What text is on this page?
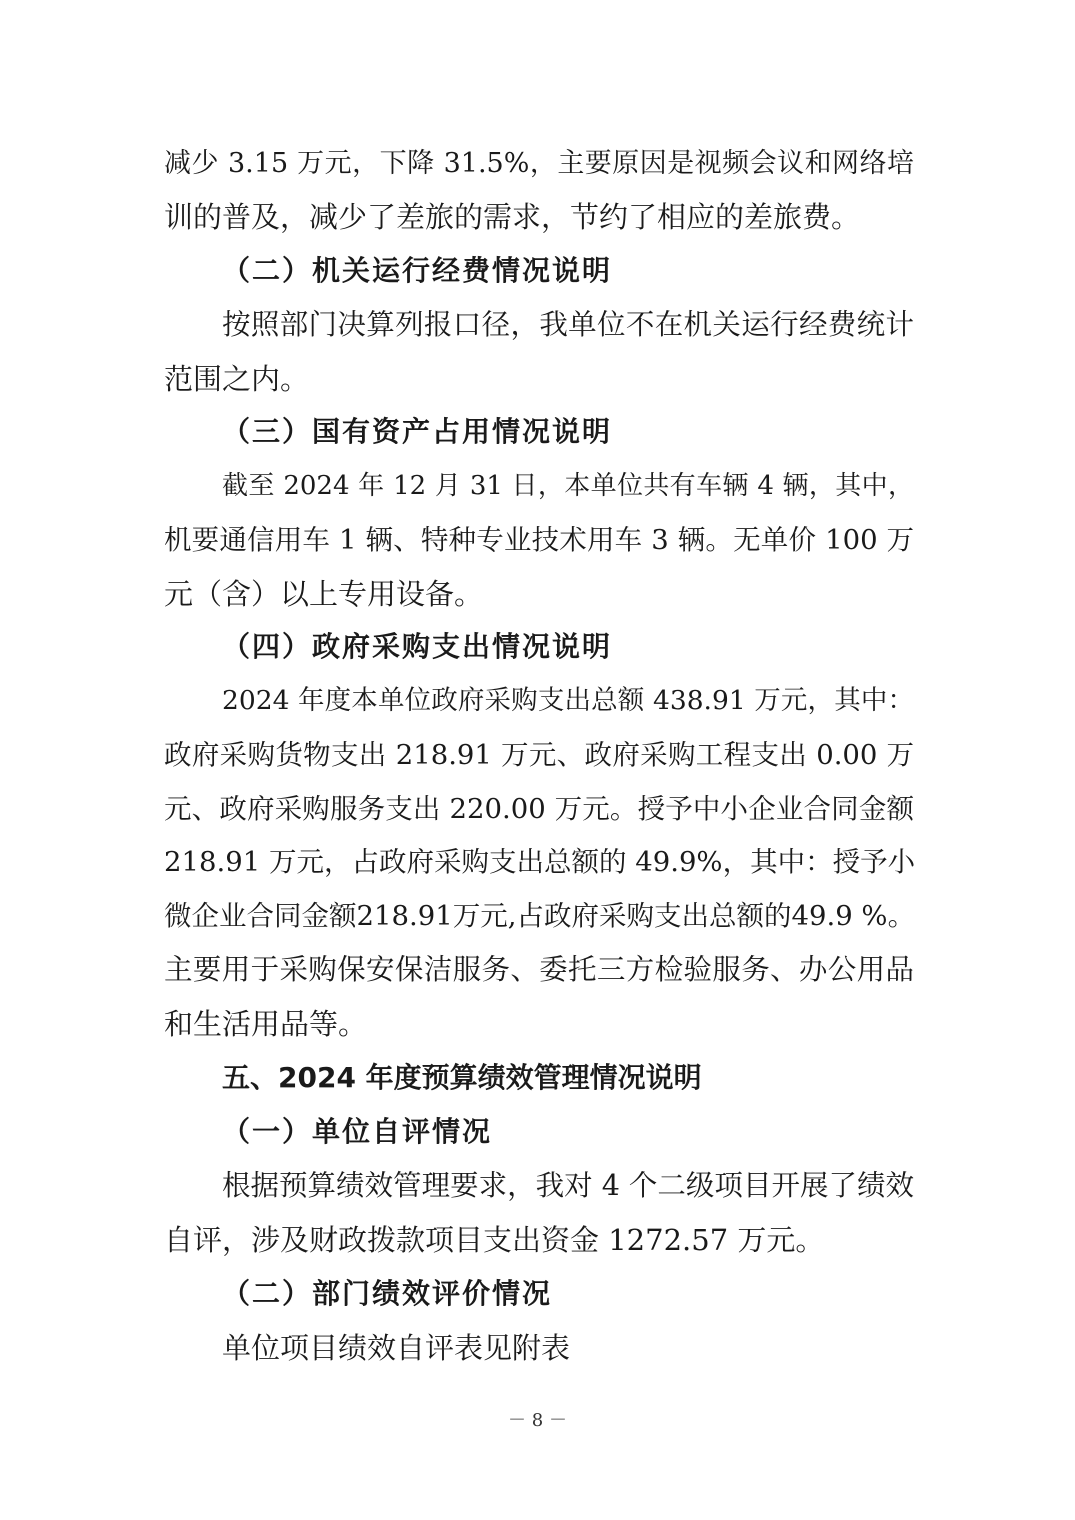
减少 3.15 万元，下降 31.5%，主要原因是视频会议和网络培
训的普及，减少了差旅的需求，节约了相应的差旅费。
（二）机关运行经费情况说明
按照部门决算列报口径，我单位不在机关运行经费统计
范围之内。
（三）国有资产占用情况说明
截至 2024 年 12 月 31 日，本单位共有车辆 4 辆，其中，
机要通信用车 1 辆、特种专业技术用车 3 辆。无单价 100 万
元（含）以上专用设备。
（四）政府采购支出情况说明
2024 年度本单位政府采购支出总额 438.91 万元，其中：
政府采购货物支出 218.91 万元、政府采购工程支出 0.00 万
元、政府采购服务支出 220.00 万元。授予中小企业合同金额
218.91 万元，占政府采购支出总额的 49.9%，其中：授予小
微企业合同金额218.91万元,占政府采购支出总额的49.9 %。
主要用于采购保安保洁服务、委托三方检验服务、办公用品
和生活用品等。
五、2024 年度预算绩效管理情况说明
（一）单位自评情况
根据预算绩效管理要求，我对 4 个二级项目开展了绩效
自评，涉及财政拨款项目支出资金 1272.57 万元。
（二）部门绩效评价情况
单位项目绩效自评表见附表
－ 8 －
